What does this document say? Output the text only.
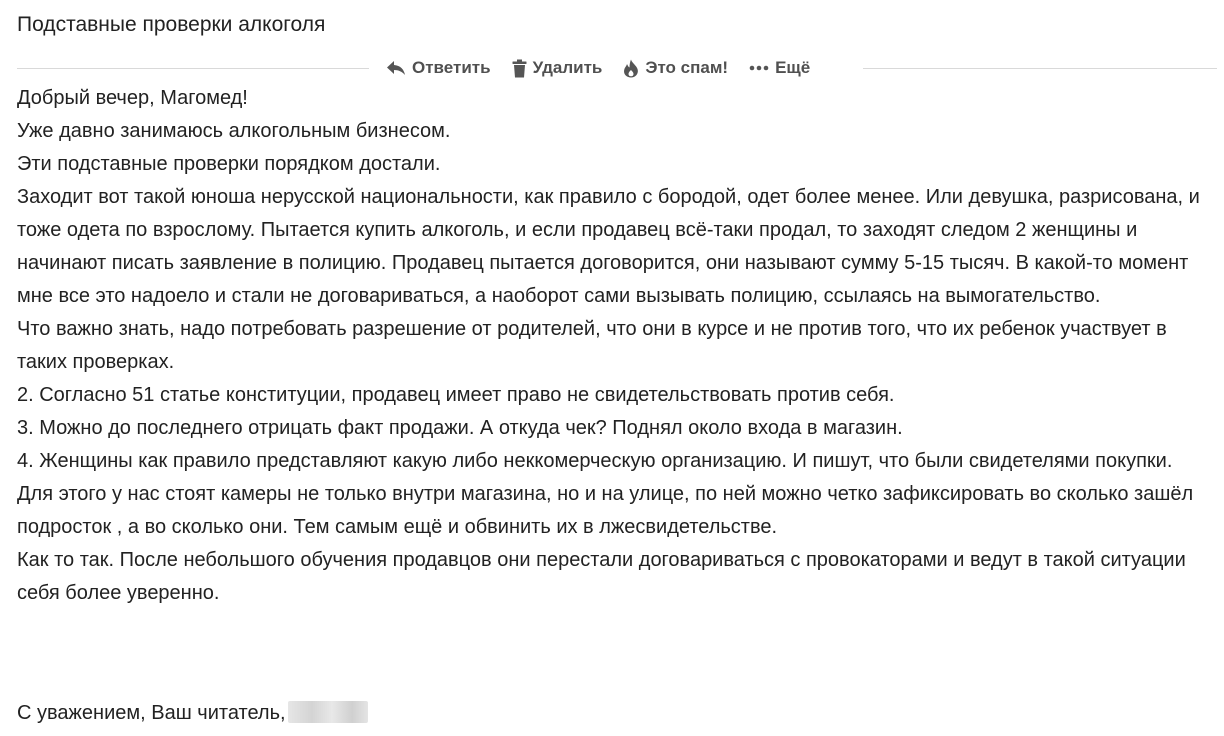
Подставные проверки алкоголя
Ответить Удалить	Это спам!	Ещё

Добрый вечер, Магомед!

Уже давно занимаюсь алкогольным бизнесом.

Эти подставные проверки порядком достали.

Заходит вот такой юноша нерусской национальности, как правило с бородой, одет более менее. Или девушка, разрисована, и тоже одета по взрослому. Пытается купить алкоголь, и если продавец всё-таки продал, то заходят следом 2 женщины и начинают писать заявление в полицию. Продавец пытается договорится, они называют сумму 5-15 тысяч. В какой-то момент мне все это надоело и стали не договариваться, а наоборот сами вызывать полицию, ссылаясь на вымогательство.

Что важно знать, надо потребовать разрешение от родителей, что они в курсе и не против того, что их ребенок участвует в таких проверках.

2. Согласно 51 статье конституции, продавец имеет право не свидетельствовать против себя.

3. Можно до последнего отрицать факт продажи. А откуда чек? Поднял около входа в магазин.

4. Женщины как правило представляют какую либо неккомерческую организацию. И пишут, что были свидетелями покупки. Для этого у нас стоят камеры не только внутри магазина, но и на улице, по ней можно четко зафиксировать во сколько зашёл подросток , а во сколько они. Тем самым ещё и обвинить их в лжесвидетельстве.

Как то так. После небольшого обучения продавцов они перестали договариваться с провокаторами и ведут в такой ситуации себя более уверенно.

С уважением, Ваш читатель,
